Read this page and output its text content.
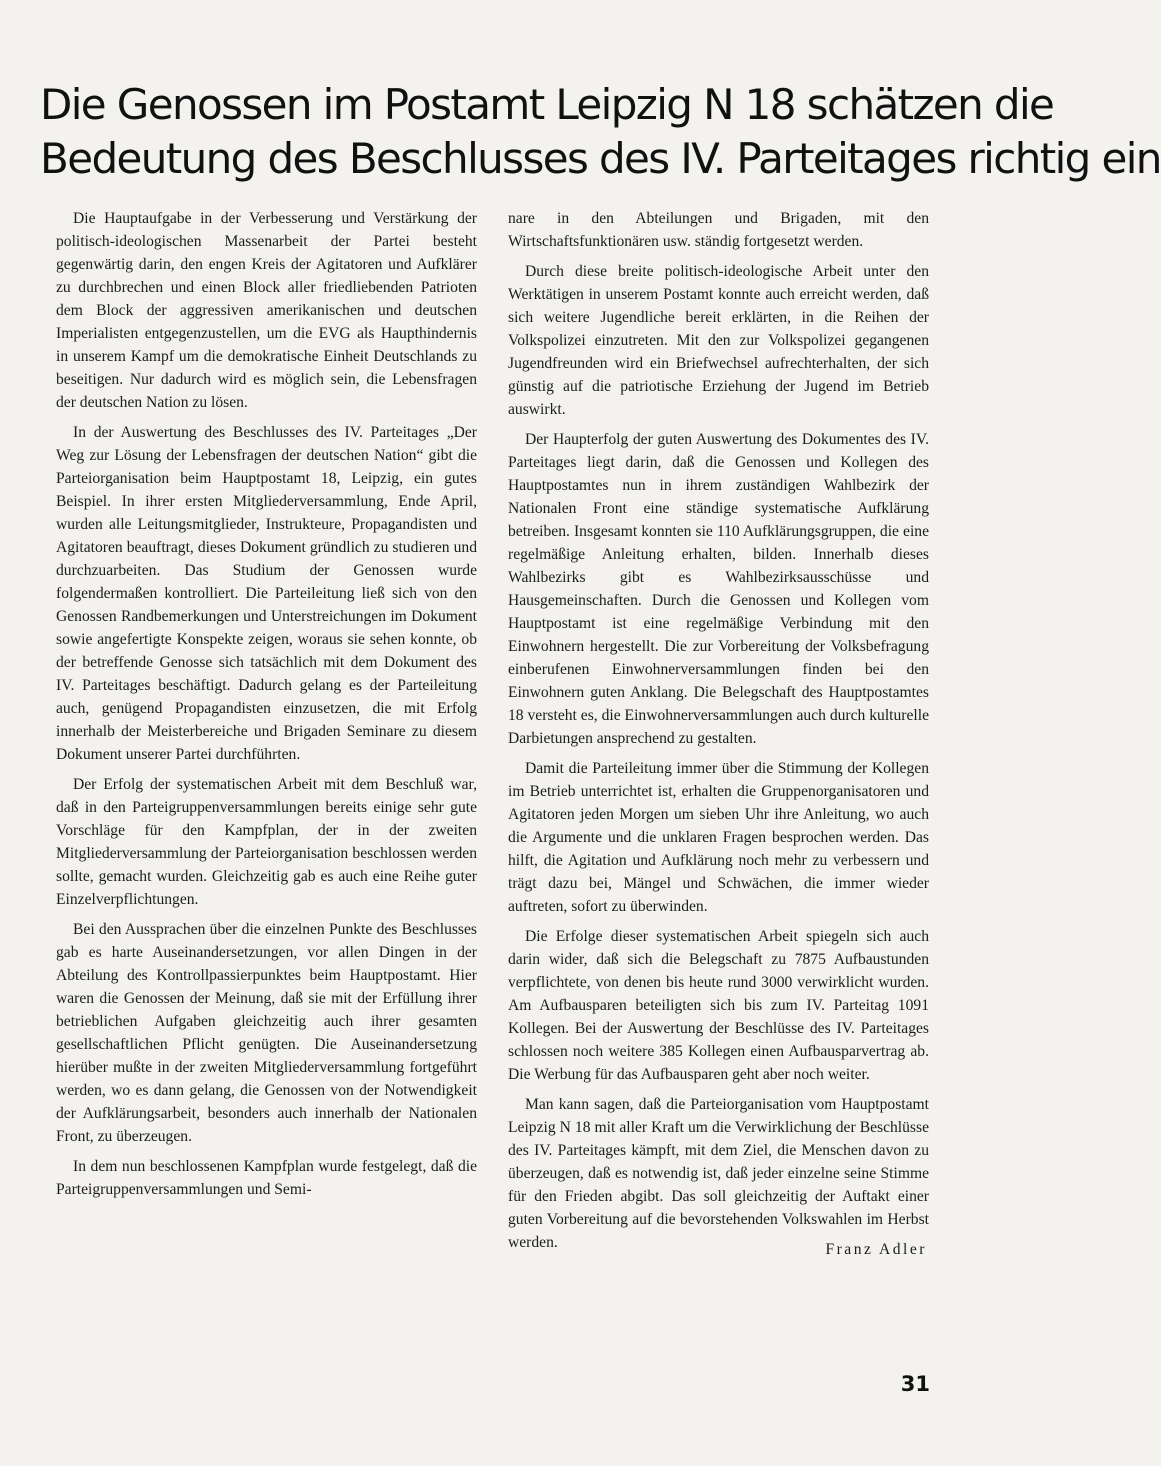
Die Genossen im Postamt Leipzig N 18 schätzen die
Bedeutung des Beschlusses des IV. Parteitages richtig ein

Die Hauptaufgabe in der Verbesserung und Verstärkung der politisch-ideologischen Massenarbeit der Partei besteht gegenwärtig darin, den engen Kreis der Agitatoren und Aufklärer zu durchbrechen und einen Block aller friedliebenden Patrioten dem Block der aggressiven amerikanischen und deutschen Imperialisten entgegenzustellen, um die EVG als Haupthindernis in unserem Kampf um die demokratische Einheit Deutschlands zu beseitigen. Nur dadurch wird es möglich sein, die Lebensfragen der deutschen Nation zu lösen.

In der Auswertung des Beschlusses des IV. Parteitages „Der Weg zur Lösung der Lebensfragen der deutschen Nation“ gibt die Parteiorganisation beim Hauptpostamt 18, Leipzig, ein gutes Beispiel. In ihrer ersten Mitgliederversammlung, Ende April, wurden alle Leitungsmitglieder, Instrukteure, Propagandisten und Agitatoren beauftragt, dieses Dokument gründlich zu studieren und durchzuarbeiten. Das Studium der Genossen wurde folgendermaßen kontrolliert. Die Parteileitung ließ sich von den Genossen Randbemerkungen und Unterstreichungen im Dokument sowie angefertigte Konspekte zeigen, woraus sie sehen konnte, ob der betreffende Genosse sich tatsächlich mit dem Dokument des IV. Parteitages beschäftigt. Dadurch gelang es der Parteileitung auch, genügend Propagandisten einzusetzen, die mit Erfolg innerhalb der Meisterbereiche und Brigaden Seminare zu diesem Dokument unserer Partei durchführten.

Der Erfolg der systematischen Arbeit mit dem Beschluß war, daß in den Parteigruppenversammlungen bereits einige sehr gute Vorschläge für den Kampfplan, der in der zweiten Mitgliederversammlung der Parteiorganisation beschlossen werden sollte, gemacht wurden. Gleichzeitig gab es auch eine Reihe guter Einzelverpflichtungen.

Bei den Aussprachen über die einzelnen Punkte des Beschlusses gab es harte Auseinandersetzungen, vor allen Dingen in der Abteilung des Kontrollpassierpunktes beim Hauptpostamt. Hier waren die Genossen der Meinung, daß sie mit der Erfüllung ihrer betrieblichen Aufgaben gleichzeitig auch ihrer gesamten gesellschaftlichen Pflicht genügten. Die Auseinandersetzung hierüber mußte in der zweiten Mitgliederversammlung fortgeführt werden, wo es dann gelang, die Genossen von der Notwendigkeit der Aufklärungsarbeit, besonders auch innerhalb der Nationalen Front, zu überzeugen.

In dem nun beschlossenen Kampfplan wurde festgelegt, daß die Parteigruppenversammlungen und Semi-

nare in den Abteilungen und Brigaden, mit den Wirtschaftsfunktionären usw. ständig fortgesetzt werden.

Durch diese breite politisch-ideologische Arbeit unter den Werktätigen in unserem Postamt konnte auch erreicht werden, daß sich weitere Jugendliche bereit erklärten, in die Reihen der Volkspolizei einzutreten. Mit den zur Volkspolizei gegangenen Jugendfreunden wird ein Briefwechsel aufrechterhalten, der sich günstig auf die patriotische Erziehung der Jugend im Betrieb auswirkt.

Der Haupterfolg der guten Auswertung des Dokumentes des IV. Parteitages liegt darin, daß die Genossen und Kollegen des Hauptpostamtes nun in ihrem zuständigen Wahlbezirk der Nationalen Front eine ständige systematische Aufklärung betreiben. Insgesamt konnten sie 110 Aufklärungsgruppen, die eine regelmäßige Anleitung erhalten, bilden. Innerhalb dieses Wahlbezirks gibt es Wahlbezirksausschüsse und Hausgemeinschaften. Durch die Genossen und Kollegen vom Hauptpostamt ist eine regelmäßige Verbindung mit den Einwohnern hergestellt. Die zur Vorbereitung der Volksbefragung einberufenen Einwohnerversammlungen finden bei den Einwohnern guten Anklang. Die Belegschaft des Hauptpostamtes 18 versteht es, die Einwohnerversammlungen auch durch kulturelle Darbietungen ansprechend zu gestalten.

Damit die Parteileitung immer über die Stimmung der Kollegen im Betrieb unterrichtet ist, erhalten die Gruppenorganisatoren und Agitatoren jeden Morgen um sieben Uhr ihre Anleitung, wo auch die Argumente und die unklaren Fragen besprochen werden. Das hilft, die Agitation und Aufklärung noch mehr zu verbessern und trägt dazu bei, Mängel und Schwächen, die immer wieder auftreten, sofort zu überwinden.

Die Erfolge dieser systematischen Arbeit spiegeln sich auch darin wider, daß sich die Belegschaft zu 7875 Aufbaustunden verpflichtete, von denen bis heute rund 3000 verwirklicht wurden. Am Aufbausparen beteiligten sich bis zum IV. Parteitag 1091 Kollegen. Bei der Auswertung der Beschlüsse des IV. Parteitages schlossen noch weitere 385 Kollegen einen Aufbausparvertrag ab. Die Werbung für das Aufbausparen geht aber noch weiter.

Man kann sagen, daß die Parteiorganisation vom Hauptpostamt Leipzig N 18 mit aller Kraft um die Verwirklichung der Beschlüsse des IV. Parteitages kämpft, mit dem Ziel, die Menschen davon zu überzeugen, daß es notwendig ist, daß jeder einzelne seine Stimme für den Frieden abgibt. Das soll gleichzeitig der Auftakt einer guten Vorbereitung auf die bevorstehenden Volkswahlen im Herbst werden.	Franz Adler
31
